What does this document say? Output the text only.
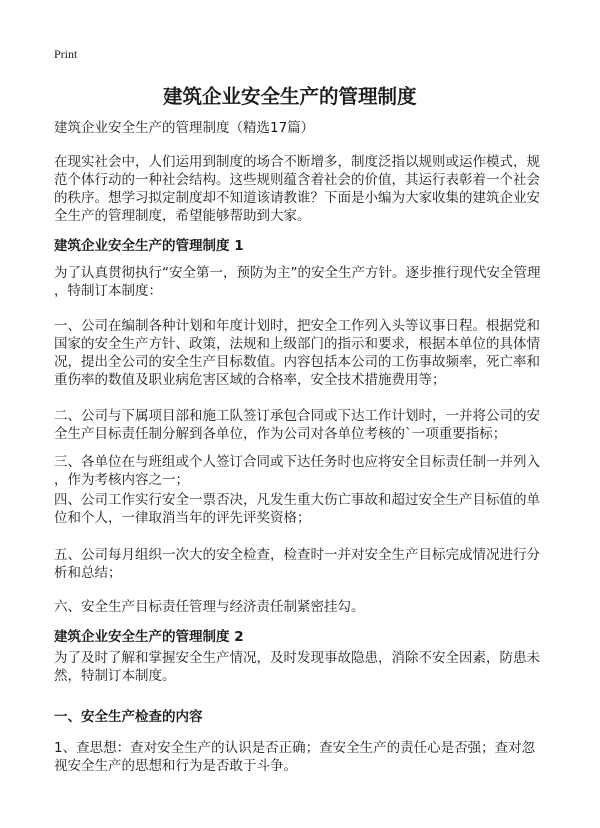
Print
建筑企业安全生产的管理制度
建筑企业安全生产的管理制度（精选17篇）
在现实社会中，人们运用到制度的场合不断增多，制度泛指以规则或运作模式，规
范个体行动的一种社会结构。这些规则蕴含着社会的价值，其运行表彰着一个社会
的秩序。想学习拟定制度却不知道该请教谁？下面是小编为大家收集的建筑企业安
全生产的管理制度，希望能够帮助到大家。
建筑企业安全生产的管理制度 1
为了认真贯彻执行“安全第一，预防为主”的安全生产方针。逐步推行现代安全管理
，特制订本制度：
一、公司在编制各种计划和年度计划时，把安全工作列入头等议事日程。根据党和
国家的安全生产方针、政策，法规和上级部门的指示和要求，根据本单位的具体情
况，提出全公司的安全生产目标数值。内容包括本公司的工伤事故频率，死亡率和
重伤率的数值及职业病危害区域的合格率，安全技术措施费用等；
二、公司与下属项目部和施工队签订承包合同或下达工作计划时，一并将公司的安
全生产目标责任制分解到各单位，作为公司对各单位考核的`一项重要指标；
三、各单位在与班组或个人签订合同或下达任务时也应将安全目标责任制一并列入
，作为考核内容之一；
四、公司工作实行安全一票否决，凡发生重大伤亡事故和超过安全生产目标值的单
位和个人，一律取消当年的评先评奖资格；
五、公司每月组织一次大的安全检查，检查时一并对安全生产目标完成情况进行分
析和总结；
六、安全生产目标责任管理与经济责任制紧密挂勾。
建筑企业安全生产的管理制度 2
为了及时了解和掌握安全生产情况，及时发现事故隐患，消除不安全因素，防患未
然，特制订本制度。
一、安全生产检查的内容
1、查思想：查对安全生产的认识是否正确；查安全生产的责任心是否强；查对忽
视安全生产的思想和行为是否敢于斗争。
